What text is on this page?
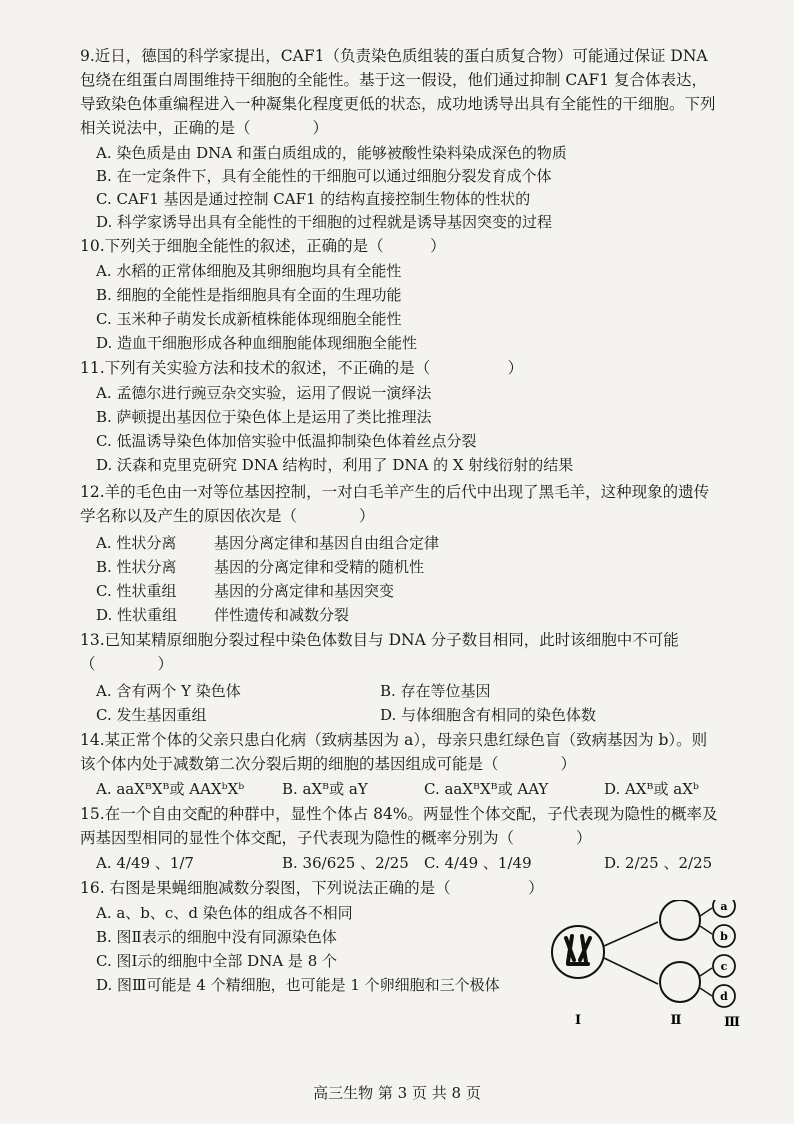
9.近日，德国的科学家提出，CAF1（负责染色质组装的蛋白质复合物）可能通过保证 DNA 包绕在组蛋白周围维持干细胞的全能性。基于这一假设，他们通过抑制 CAF1 复合体表达，导致染色体重编程进入一种凝集化程度更低的状态，成功地诱导出具有全能性的干细胞。下列相关说法中，正确的是（　　　　）
A. 染色质是由 DNA 和蛋白质组成的，能够被酸性染料染成深色的物质
B. 在一定条件下，具有全能性的干细胞可以通过细胞分裂发育成个体
C. CAF1 基因是通过控制 CAF1 的结构直接控制生物体的性状的
D. 科学家诱导出具有全能性的干细胞的过程就是诱导基因突变的过程
10.下列关于细胞全能性的叙述，正确的是（　　　）
A. 水稻的正常体细胞及其卵细胞均具有全能性
B. 细胞的全能性是指细胞具有全面的生理功能
C. 玉米种子萌发长成新植株能体现细胞全能性
D. 造血干细胞形成各种血细胞能体现细胞全能性
11.下列有关实验方法和技术的叙述，不正确的是（　　　　　）
A. 孟德尔进行豌豆杂交实验，运用了假说一演绎法
B. 萨顿提出基因位于染色体上是运用了类比推理法
C. 低温诱导染色体加倍实验中低温抑制染色体着丝点分裂
D. 沃森和克里克研究 DNA 结构时，利用了 DNA 的 X 射线衍射的结果
12.羊的毛色由一对等位基因控制，一对白毛羊产生的后代中出现了黑毛羊，这种现象的遗传学名称以及产生的原因依次是（　　　　）
A. 性状分离	基因分离定律和基因自由组合定律
B. 性状分离 基因的分离定律和受精的随机性
C. 性状重组	基因的分离定律和基因突变
D. 性状重组 伴性遗传和减数分裂
13.已知某精原细胞分裂过程中染色体数目与 DNA 分子数目相同，此时该细胞中不可能（　　　　）
A. 含有两个 Y 染色体	B. 存在等位基因
C. 发生基因重组	D. 与体细胞含有相同的染色体数
14.某正常个体的父亲只患白化病（致病基因为 a），母亲只患红绿色盲（致病基因为 b）。则该个体内处于减数第二次分裂后期的细胞的基因组成可能是（　　　　）
A. aaXᴮXᴮ或 AAXᵇXᵇ	B. aXᴮ或 aY	C. aaXᴮXᴮ或 AAY	D. AXᴮ或 aXᵇ
15.在一个自由交配的种群中，显性个体占 84%。两显性个体交配，子代表现为隐性的概率及两基因型相同的显性个体交配，子代表现为隐性的概率分别为（　　　　）
A. 4/49 、1/7	B. 36/625 、2/25 C. 4/49 、1/49	D. 2/25 、2/25
16. 右图是果蝇细胞减数分裂图，下列说法正确的是（　　　　　）
A. a、b、c、d 染色体的组成各不相同
B. 图Ⅱ表示的细胞中没有同源染色体
C. 图Ⅰ示的细胞中全部 DNA 是 8 个
D. 图Ⅲ可能是 4 个精细胞，也可能是 1 个卵细胞和三个极体
a
b
c
d
Ⅰ	Ⅱ	Ⅲ
高三生物 第 3 页 共 8 页
